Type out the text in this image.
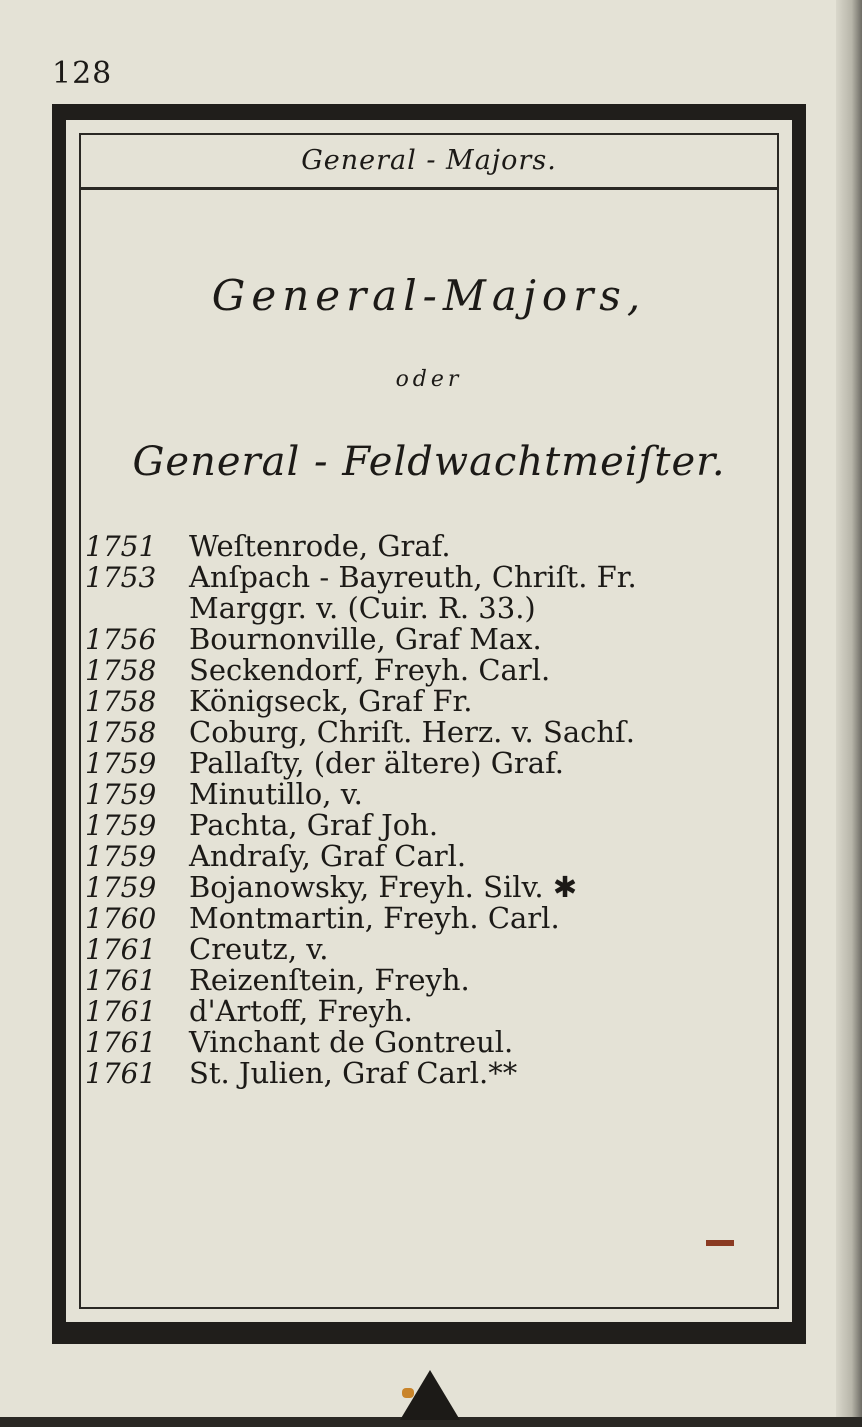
128
General - Majors.
General-Majors,
oder
General - Feldwachtmeiſter.
1751	Weſtenrode, Graf.
1753	Anſpach - Bayreuth, Chriſt. Fr.
Marggr. v. (Cuir. R. 33.)
1756	Bournonville, Graf Max.
1758	Seckendorf, Freyh. Carl.
1758	Königseck, Graf Fr.
1758	Coburg, Chriſt. Herz. v. Sachſ.
1759	Pallaſty, (der ältere) Graf.
1759	Minutillo, v.
1759	Pachta, Graf Joh.
1759	Andraſy, Graf Carl.
1759	Bojanowsky, Freyh. Silv. ✱
1760	Montmartin, Freyh. Carl.
1761	Creutz, v.
1761	Reizenſtein, Freyh.
1761	d'Artoff, Freyh.
1761	Vinchant de Gontreul.
1761	St. Julien, Graf Carl.**
